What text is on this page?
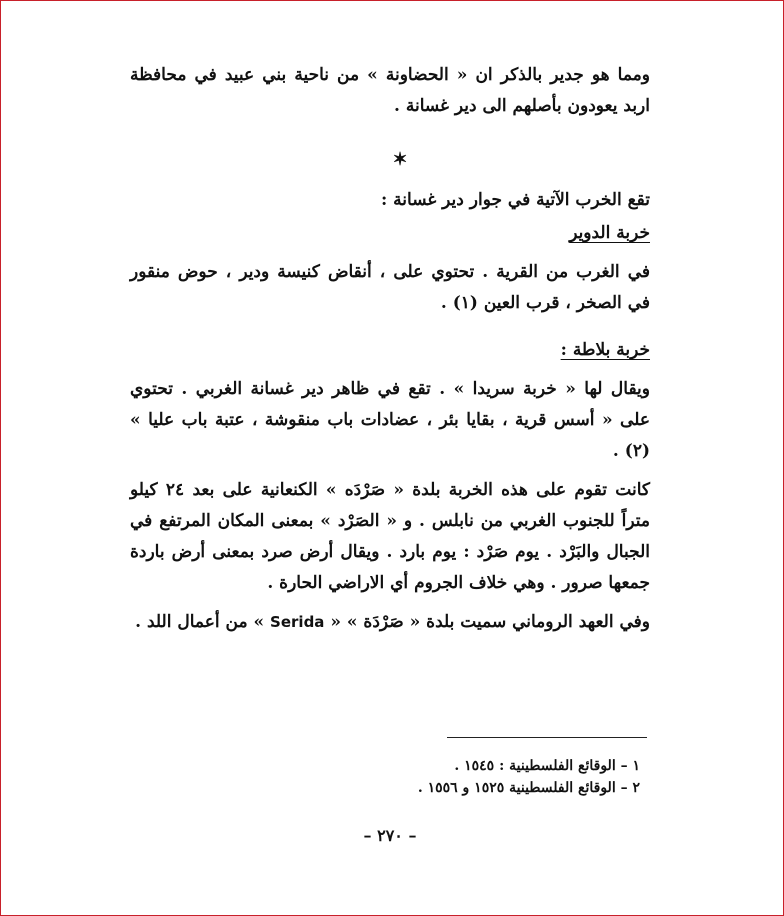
ومما هو جدير بالذكر ان « الحضاونة » من ناحية بني عبيد في محافظة اربد يعودون بأصلهم الى دير غسانة .

✶

تقع الخرب الآتية في جوار دير غسانة :

خربة الدوير

في الغرب من القرية . تحتوي على ، أنقاض كنيسة ودير ، حوض منقور في الصخر ، قرب العين (١) .

خربة بلاطة :

ويقال لها « خربة سريدا » . تقع في ظاهر دير غسانة الغربي . تحتوي على « أسس قرية ، بقايا بئر ، عضادات باب منقوشة ، عتبة باب عليا » (٢) .

كانت تقوم على هذه الخربة بلدة « صَرْدَه » الكنعانية على بعد ٢٤ كيلو متراً للجنوب الغربي من نابلس . و « الصَرْد » بمعنى المكان المرتفع في الجبال والبَرْد . يوم صَرْد : يوم بارد . ويقال أرض صرد بمعنى أرض باردة جمعها صرور . وهي خلاف الجروم أي الاراضي الحارة .

وفي العهد الروماني سميت بلدة « صَرْدَة » « Serida » من أعمال اللد .

١ – الوقائع الفلسطينية : ١٥٤٥ .

٢ – الوقائع الفلسطينية ١٥٢٥ و ١٥٥٦ .

– ٢٧٠ –
